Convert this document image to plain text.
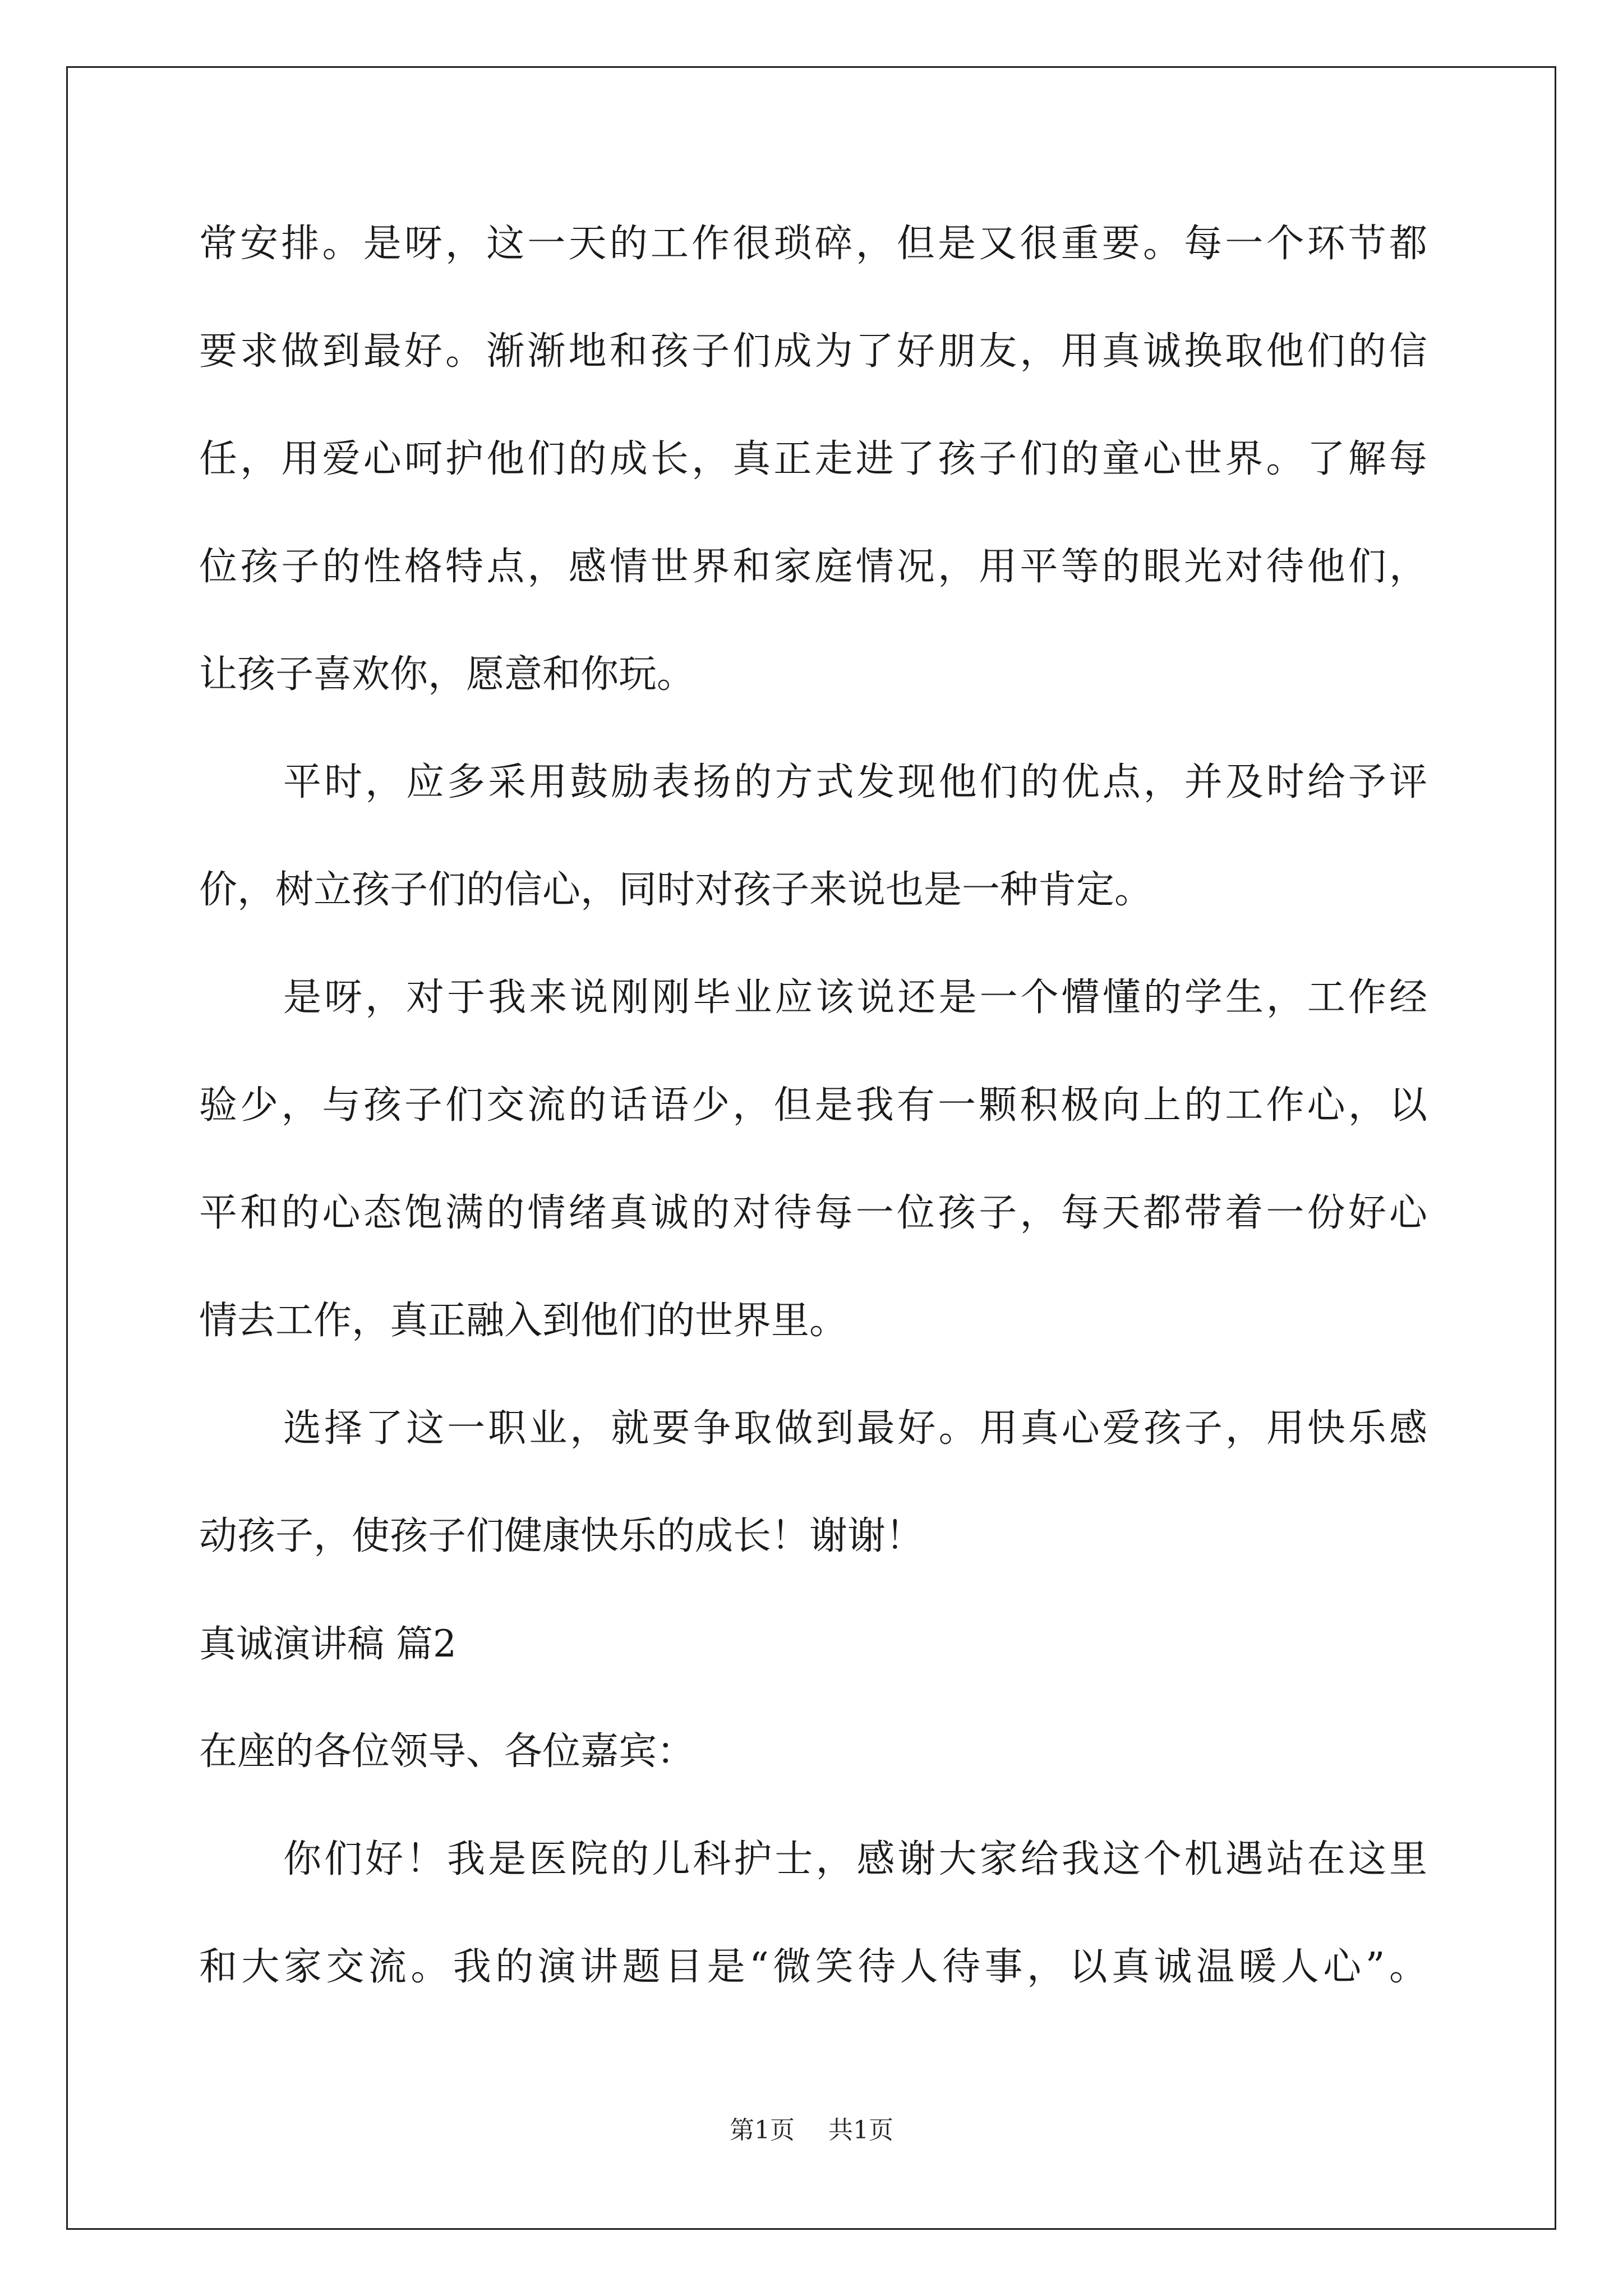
常安排。是呀，这一天的工作很琐碎，但是又很重要。每一个环节都
要求做到最好。渐渐地和孩子们成为了好朋友，用真诚换取他们的信
任，用爱心呵护他们的成长，真正走进了孩子们的童心世界。了解每
位孩子的性格特点，感情世界和家庭情况，用平等的眼光对待他们，
让孩子喜欢你，愿意和你玩。
平时，应多采用鼓励表扬的方式发现他们的优点，并及时给予评
价，树立孩子们的信心，同时对孩子来说也是一种肯定。
是呀，对于我来说刚刚毕业应该说还是一个懵懂的学生，工作经
验少，与孩子们交流的话语少，但是我有一颗积极向上的工作心，以
平和的心态饱满的情绪真诚的对待每一位孩子，每天都带着一份好心
情去工作，真正融入到他们的世界里。
选择了这一职业，就要争取做到最好。用真心爱孩子，用快乐感
动孩子，使孩子们健康快乐的成长！谢谢！
真诚演讲稿 篇2
在座的各位领导、各位嘉宾：
你们好！我是医院的儿科护士，感谢大家给我这个机遇站在这里
和大家交流。我的演讲题目是“微笑待人待事，以真诚温暖人心”。
第1页 共1页
